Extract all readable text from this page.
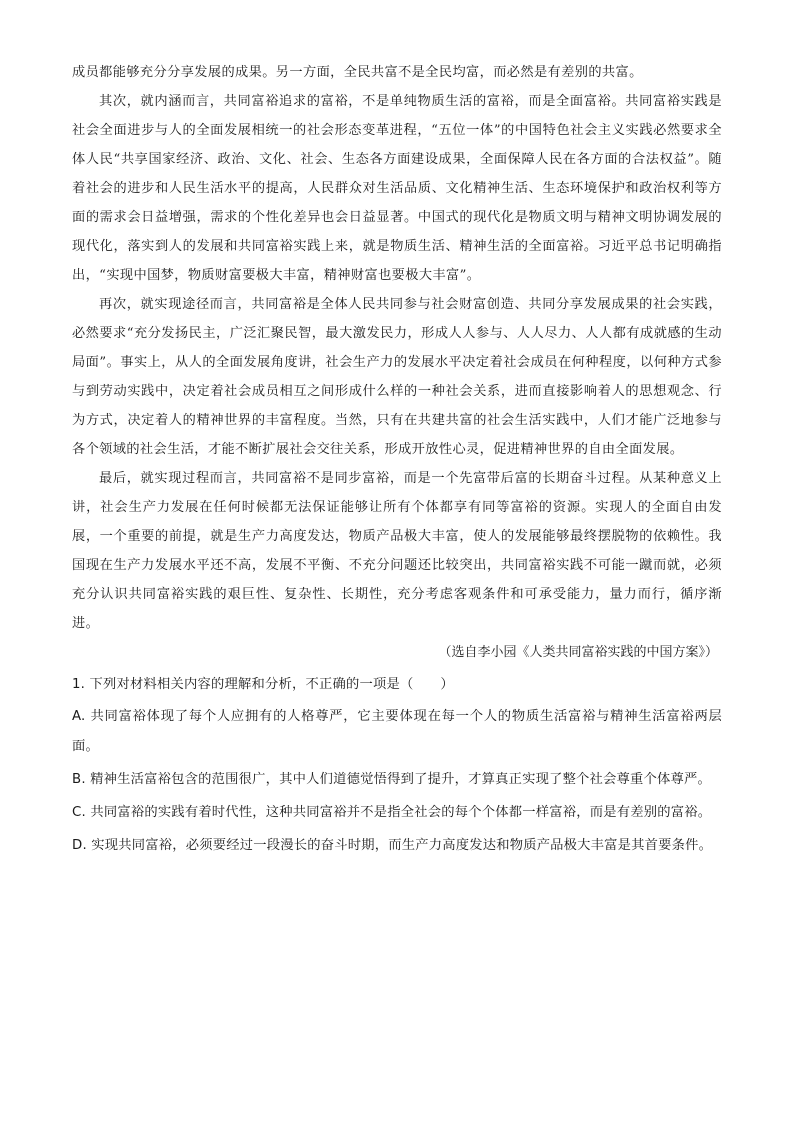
成员都能够充分分享发展的成果。另一方面，全民共富不是全民均富，而必然是有差别的共富。

其次，就内涵而言，共同富裕追求的富裕，不是单纯物质生活的富裕，而是全面富裕。共同富裕实践是社会全面进步与人的全面发展相统一的社会形态变革进程，“五位一体”的中国特色社会主义实践必然要求全体人民“共享国家经济、政治、文化、社会、生态各方面建设成果，全面保障人民在各方面的合法权益”。随着社会的进步和人民生活水平的提高，人民群众对生活品质、文化精神生活、生态环境保护和政治权利等方面的需求会日益增强，需求的个性化差异也会日益显著。中国式的现代化是物质文明与精神文明协调发展的现代化，落实到人的发展和共同富裕实践上来，就是物质生活、精神生活的全面富裕。习近平总书记明确指出，“实现中国梦，物质财富要极大丰富，精神财富也要极大丰富”。

再次，就实现途径而言，共同富裕是全体人民共同参与社会财富创造、共同分享发展成果的社会实践，必然要求“充分发扬民主，广泛汇聚民智，最大激发民力，形成人人参与、人人尽力、人人都有成就感的生动局面”。事实上，从人的全面发展角度讲，社会生产力的发展水平决定着社会成员在何种程度，以何种方式参与到劳动实践中，决定着社会成员相互之间形成什么样的一种社会关系，进而直接影响着人的思想观念、行为方式，决定着人的精神世界的丰富程度。当然，只有在共建共富的社会生活实践中，人们才能广泛地参与各个领域的社会生活，才能不断扩展社会交往关系，形成开放性心灵，促进精神世界的自由全面发展。

最后，就实现过程而言，共同富裕不是同步富裕，而是一个先富带后富的长期奋斗过程。从某种意义上讲，社会生产力发展在任何时候都无法保证能够让所有个体都享有同等富裕的资源。实现人的全面自由发展，一个重要的前提，就是生产力高度发达，物质产品极大丰富，使人的发展能够最终摆脱物的依赖性。我国现在生产力发展水平还不高，发展不平衡、不充分问题还比较突出，共同富裕实践不可能一蹴而就，必须充分认识共同富裕实践的艰巨性、复杂性、长期性，充分考虑客观条件和可承受能力，量力而行，循序渐进。

（选自李小园《人类共同富裕实践的中国方案》）

1. 下列对材料相关内容的理解和分析，不正确的一项是（　　）

A. 共同富裕体现了每个人应拥有的人格尊严，它主要体现在每一个人的物质生活富裕与精神生活富裕两层面。

B. 精神生活富裕包含的范围很广，其中人们道德觉悟得到了提升，才算真正实现了整个社会尊重个体尊严。

C. 共同富裕的实践有着时代性，这种共同富裕并不是指全社会的每个个体都一样富裕，而是有差别的富裕。

D. 实现共同富裕，必须要经过一段漫长的奋斗时期，而生产力高度发达和物质产品极大丰富是其首要条件。
